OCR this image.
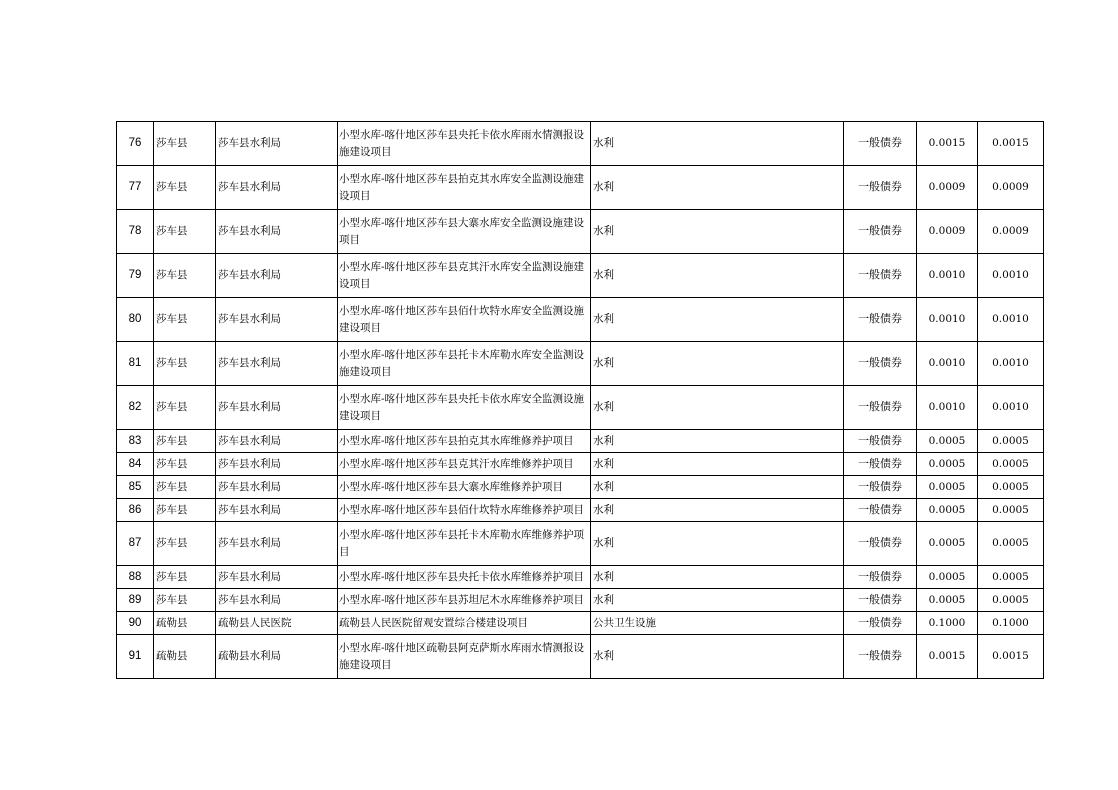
76	莎车县	莎车县水利局	小型水库-喀什地区莎车县央托卡依水库雨水情测报设施建设项目	水利	一般债券	0.0015	0.0015
77	莎车县	莎车县水利局	小型水库-喀什地区莎车县拍克其水库安全监测设施建设项目	水利	一般债券	0.0009	0.0009
78	莎车县	莎车县水利局	小型水库-喀什地区莎车县大寨水库安全监测设施建设项目	水利	一般债券	0.0009	0.0009
79	莎车县	莎车县水利局	小型水库-喀什地区莎车县克其汗水库安全监测设施建设项目	水利	一般债券	0.0010	0.0010
80	莎车县	莎车县水利局	小型水库-喀什地区莎车县佰什坎特水库安全监测设施建设项目	水利	一般债券	0.0010	0.0010
81	莎车县	莎车县水利局	小型水库-喀什地区莎车县托卡木库勒水库安全监测设施建设项目	水利	一般债券	0.0010	0.0010
82	莎车县	莎车县水利局	小型水库-喀什地区莎车县央托卡依水库安全监测设施建设项目	水利	一般债券	0.0010	0.0010
83	莎车县	莎车县水利局	小型水库-喀什地区莎车县拍克其水库维修养护项目	水利	一般债券	0.0005	0.0005
84	莎车县	莎车县水利局	小型水库-喀什地区莎车县克其汗水库维修养护项目	水利	一般债券	0.0005	0.0005
85	莎车县	莎车县水利局	小型水库-喀什地区莎车县大寨水库维修养护项目	水利	一般债券	0.0005	0.0005
86	莎车县	莎车县水利局	小型水库-喀什地区莎车县佰什坎特水库维修养护项目	水利	一般债券	0.0005	0.0005
87	莎车县	莎车县水利局	小型水库-喀什地区莎车县托卡木库勒水库维修养护项目	水利	一般债券	0.0005	0.0005
88	莎车县	莎车县水利局	小型水库-喀什地区莎车县央托卡依水库维修养护项目	水利	一般债券	0.0005	0.0005
89	莎车县	莎车县水利局	小型水库-喀什地区莎车县苏坦尼木水库维修养护项目	水利	一般债券	0.0005	0.0005
90	疏勒县	疏勒县人民医院	疏勒县人民医院留观安置综合楼建设项目	公共卫生设施	一般债券	0.1000	0.1000
91	疏勒县	疏勒县水利局	小型水库-喀什地区疏勒县阿克萨斯水库雨水情测报设施建设项目	水利	一般债券	0.0015	0.0015
